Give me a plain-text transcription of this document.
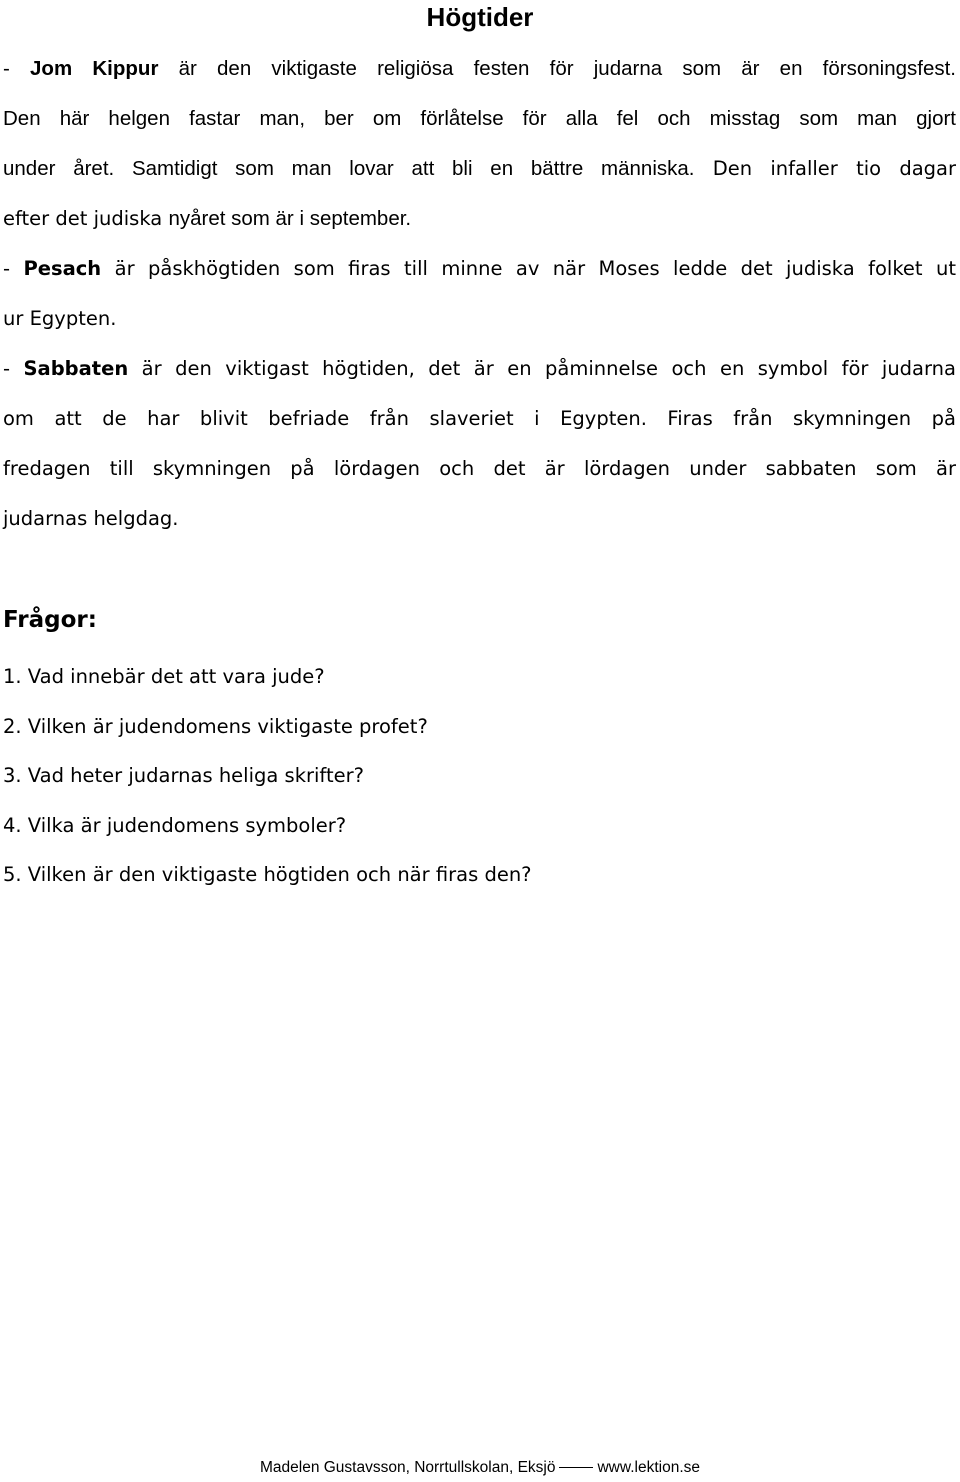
Högtider
- Jom Kippur är den viktigaste religiösa festen för judarna som är en försoningsfest.
Den här helgen fastar man, ber om förlåtelse för alla fel och misstag som man gjort
under året. Samtidigt som man lovar att bli en bättre människa. Den infaller tio dagar
efter det judiska nyåret som är i september.
- Pesach är påskhögtiden som firas till minne av när Moses ledde det judiska folket ut
ur Egypten.
- Sabbaten är den viktigast högtiden, det är en påminnelse och en symbol för judarna
om att de har blivit befriade från slaveriet i Egypten. Firas från skymningen på
fredagen till skymningen på lördagen och det är lördagen under sabbaten som är
judarnas helgdag.
Frågor:
1. Vad innebär det att vara jude?
2. Vilken är judendomens viktigaste profet?
3. Vad heter judarnas heliga skrifter?
4. Vilka är judendomens symboler?
5. Vilken är den viktigaste högtiden och när firas den?
Madelen Gustavsson, Norrtullskolan, Eksjö	www.lektion.se
